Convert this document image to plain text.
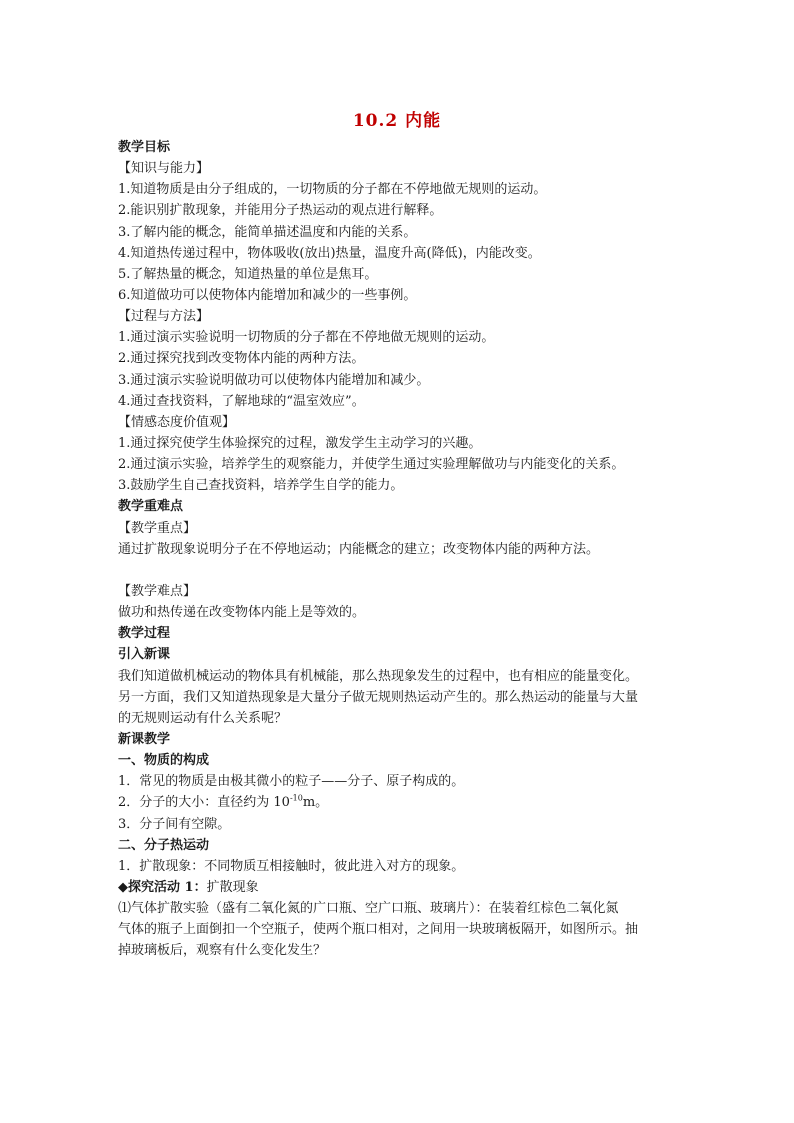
10.2 内能
教学目标
【知识与能力】
1.知道物质是由分子组成的，一切物质的分子都在不停地做无规则的运动。
2.能识别扩散现象，并能用分子热运动的观点进行解释。
3.了解内能的概念，能简单描述温度和内能的关系。
4.知道热传递过程中，物体吸收(放出)热量，温度升高(降低)，内能改变。
5.了解热量的概念，知道热量的单位是焦耳。
6.知道做功可以使物体内能增加和减少的一些事例。
【过程与方法】
1.通过演示实验说明一切物质的分子都在不停地做无规则的运动。
2.通过探究找到改变物体内能的两种方法。
3.通过演示实验说明做功可以使物体内能增加和减少。
4.通过查找资料，了解地球的“温室效应”。
【情感态度价值观】
1.通过探究使学生体验探究的过程，激发学生主动学习的兴趣。
2.通过演示实验，培养学生的观察能力，并使学生通过实验理解做功与内能变化的关系。
3.鼓励学生自己查找资料，培养学生自学的能力。
教学重难点
【教学重点】
通过扩散现象说明分子在不停地运动；内能概念的建立；改变物体内能的两种方法。
【教学难点】
做功和热传递在改变物体内能上是等效的。
教学过程
引入新课
我们知道做机械运动的物体具有机械能，那么热现象发生的过程中，也有相应的能量变化。
另一方面，我们又知道热现象是大量分子做无规则热运动产生的。那么热运动的能量与大量
的无规则运动有什么关系呢？
新课教学
一、物质的构成
1．常见的物质是由极其微小的粒子——分子、原子构成的。
2．分子的大小：直径约为 $10^{-10}m$。
3．分子间有空隙。
二、分子热运动
1．扩散现象：不同物质互相接触时，彼此进入对方的现象。
◆探究活动 1：扩散现象
⑴气体扩散实验（盛有二氧化氮的广口瓶、空广口瓶、玻璃片）：在装着红棕色二氧化氮
气体的瓶子上面倒扣一个空瓶子，使两个瓶口相对，之间用一块玻璃板隔开，如图所示。抽
掉玻璃板后，观察有什么变化发生？
